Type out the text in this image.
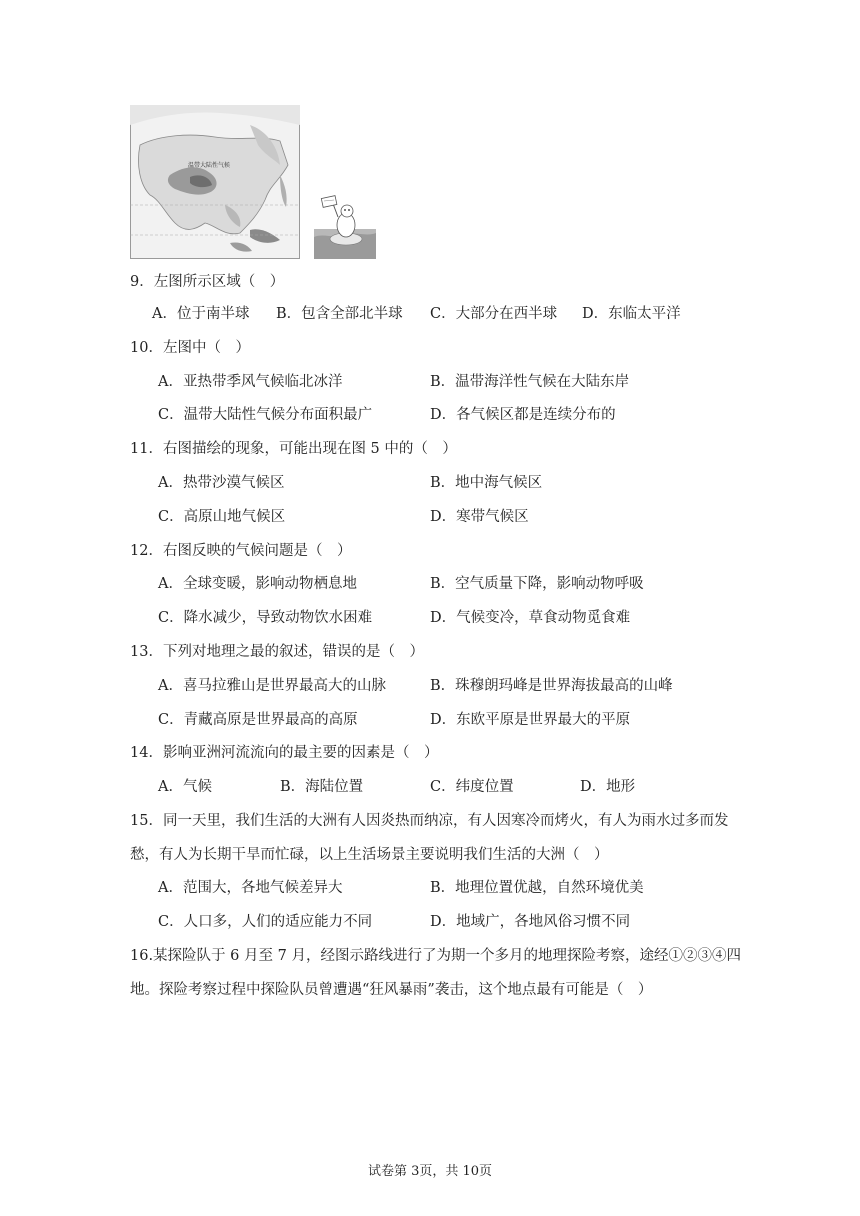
温带大陆性气候
9．左图所示区域（　）
A．位于南半球 B．包含全部北半球 C．大部分在西半球 D．东临太平洋
10．左图中（　）
A．亚热带季风气候临北冰洋	B．温带海洋性气候在大陆东岸
C．温带大陆性气候分布面积最广	D．各气候区都是连续分布的
11．右图描绘的现象，可能出现在图 5 中的（　）
A．热带沙漠气候区	B．地中海气候区
C．高原山地气候区	D．寒带气候区
12．右图反映的气候问题是（　）
A．全球变暖，影响动物栖息地	B．空气质量下降，影响动物呼吸
C．降水减少，导致动物饮水困难	D．气候变冷，草食动物觅食难
13．下列对地理之最的叙述，错误的是（　）
A．喜马拉雅山是世界最高大的山脉	B．珠穆朗玛峰是世界海拔最高的山峰
C．青藏高原是世界最高的高原	D．东欧平原是世界最大的平原
14．影响亚洲河流流向的最主要的因素是（　）
A．气候	B．海陆位置	C．纬度位置	D．地形
15．同一天里，我们生活的大洲有人因炎热而纳凉，有人因寒冷而烤火，有人为雨水过多而发愁，有人为长期干旱而忙碌，以上生活场景主要说明我们生活的大洲（　）
A．范围大，各地气候差异大	B．地理位置优越，自然环境优美
C．人口多，人们的适应能力不同	D．地域广，各地风俗习惯不同
16.某探险队于 6 月至 7 月，经图示路线进行了为期一个多月的地理探险考察，途经①②③④四地。探险考察过程中探险队员曾遭遇“狂风暴雨”袭击，这个地点最有可能是（　）
试卷第 3页，共 10页
